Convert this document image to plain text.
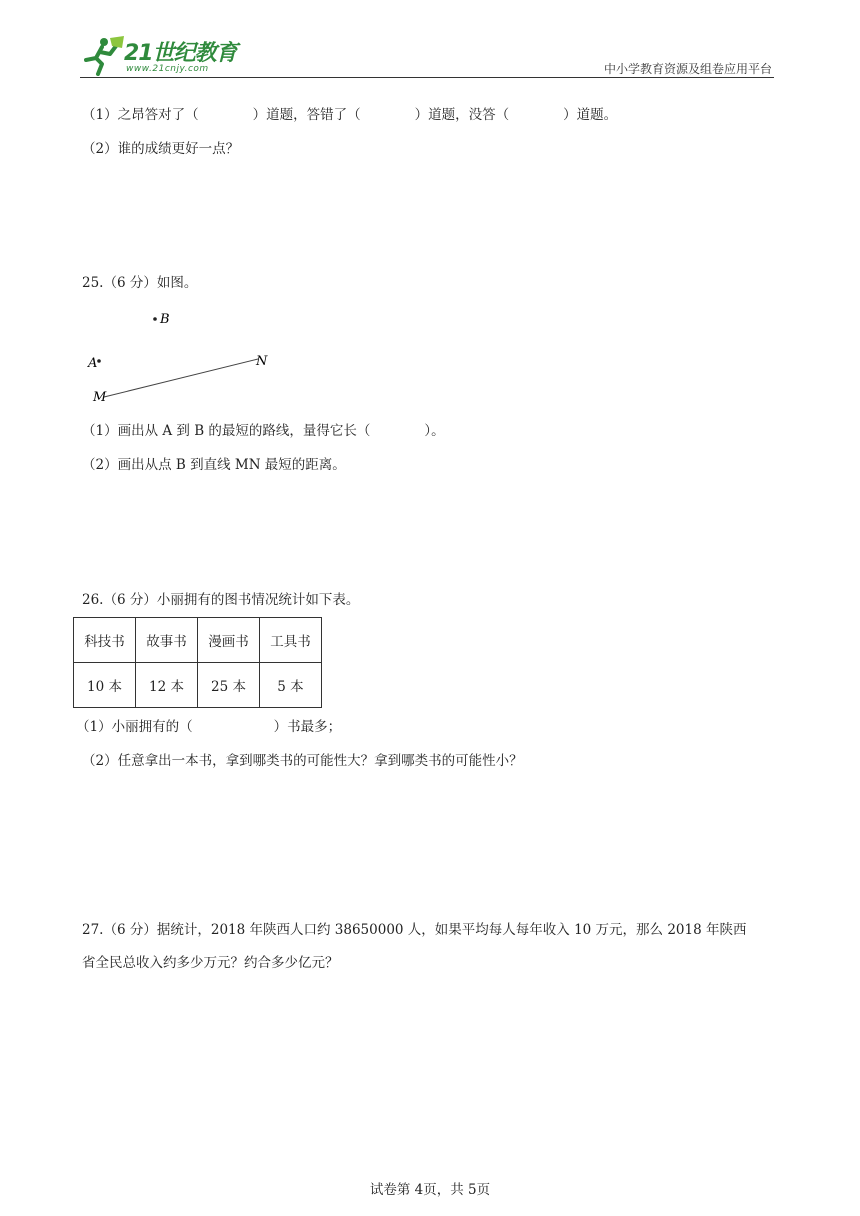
21世纪教育
www.21cnjy.com	中小学教育资源及组卷应用平台
（1）之昂答对了（　　　　）道题，答错了（　　　　）道题，没答（　　　　）道题。
（2）谁的成绩更好一点？
25.（6 分）如图。
B
A
M
N
（1）画出从 A 到 B 的最短的路线，量得它长（　　　　）。
（2）画出从点 B 到直线 MN 最短的距离。
26.（6 分）小丽拥有的图书情况统计如下表。
科技书	故事书	漫画书	工具书
10 本	12 本	25 本	5 本
（1）小丽拥有的（　　　　　　）书最多；
（2）任意拿出一本书，拿到哪类书的可能性大？拿到哪类书的可能性小？
27.（6 分）据统计，2018 年陕西人口约 38650000 人，如果平均每人每年收入 10 万元，那么 2018 年陕西
省全民总收入约多少万元？约合多少亿元？
试卷第 4页，共 5页
